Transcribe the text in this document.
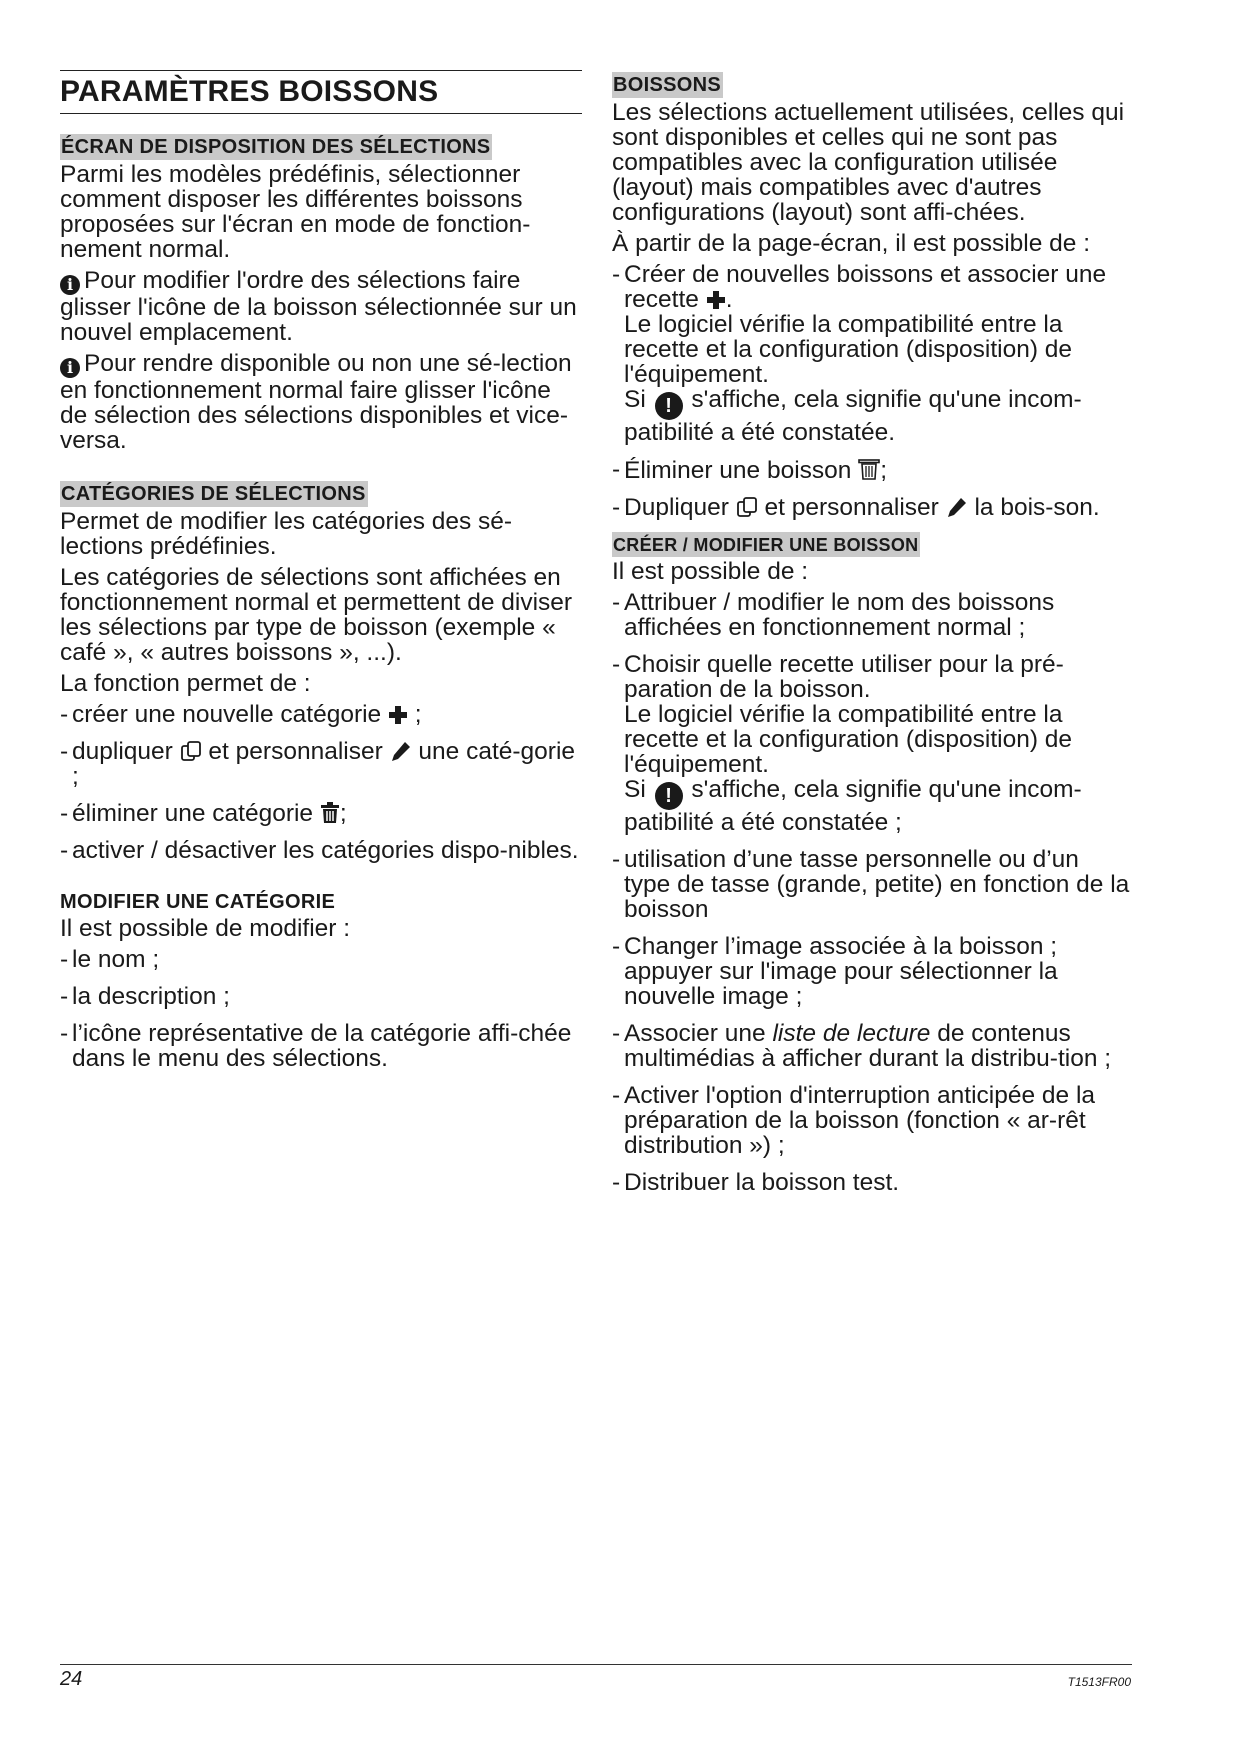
PARAMÈTRES BOISSONS
ÉCRAN DE DISPOSITION DES SÉLECTIONS

Parmi les modèles prédéfinis, sélectionner comment disposer les différentes boissons proposées sur l'écran en mode de fonction-nement normal.

i Pour modifier l'ordre des sélections faire glisser l'icône de la boisson sélectionnée sur un nouvel emplacement.

i Pour rendre disponible ou non une sé-lection en fonctionnement normal faire glisser l'icône de sélection des sélections disponibles et vice-versa.

CATÉGORIES DE SÉLECTIONS

Permet de modifier les catégories des sé-lections prédéfinies.

Les catégories de sélections sont affichées en fonctionnement normal et permettent de diviser les sélections par type de boisson (exemple « café », « autres boissons », ...).

La fonction permet de :

- créer une nouvelle catégorie  ;
- dupliquer  et personnaliser  une caté-gorie ;
- éliminer une catégorie ;
- activer / désactiver les catégories dispo-nibles.
MODIFIER UNE CATÉGORIE

Il est possible de modifier :

- le nom ;
- la description ;
- l’icône représentative de la catégorie affi-chée dans le menu des sélections.
BOISSONS

Les sélections actuellement utilisées, celles qui sont disponibles et celles qui ne sont pas compatibles avec la configuration utilisée (layout) mais compatibles avec d'autres configurations (layout) sont affi-chées.

À partir de la page-écran, il est possible de :

- Créer de nouvelles boissons et associer une recette .
Le logiciel vérifie la compatibilité entre la recette et la configuration (disposition) de l'équipement.
Si ! s'affiche, cela signifie qu'une incom-patibilité a été constatée.
- Éliminer une boisson ;
- Dupliquer  et personnaliser  la bois-son.
CRÉER / MODIFIER UNE BOISSON

Il est possible de :

- Attribuer / modifier le nom des boissons affichées en fonctionnement normal ;
- Choisir quelle recette utiliser pour la pré-paration de la boisson.
Le logiciel vérifie la compatibilité entre la recette et la configuration (disposition) de l'équipement.
Si ! s'affiche, cela signifie qu'une incom-patibilité a été constatée ;
- utilisation d’une tasse personnelle ou d’un type de tasse (grande, petite) en fonction de la boisson
- Changer l’image associée à la boisson ; appuyer sur l'image pour sélectionner la nouvelle image ;
- Associer une liste de lecture de contenus multimédias à afficher durant la distribu-tion ;
- Activer l'option d'interruption anticipée de la préparation de la boisson (fonction « ar-rêt distribution ») ;
- Distribuer la boisson test.
24	T1513FR00
